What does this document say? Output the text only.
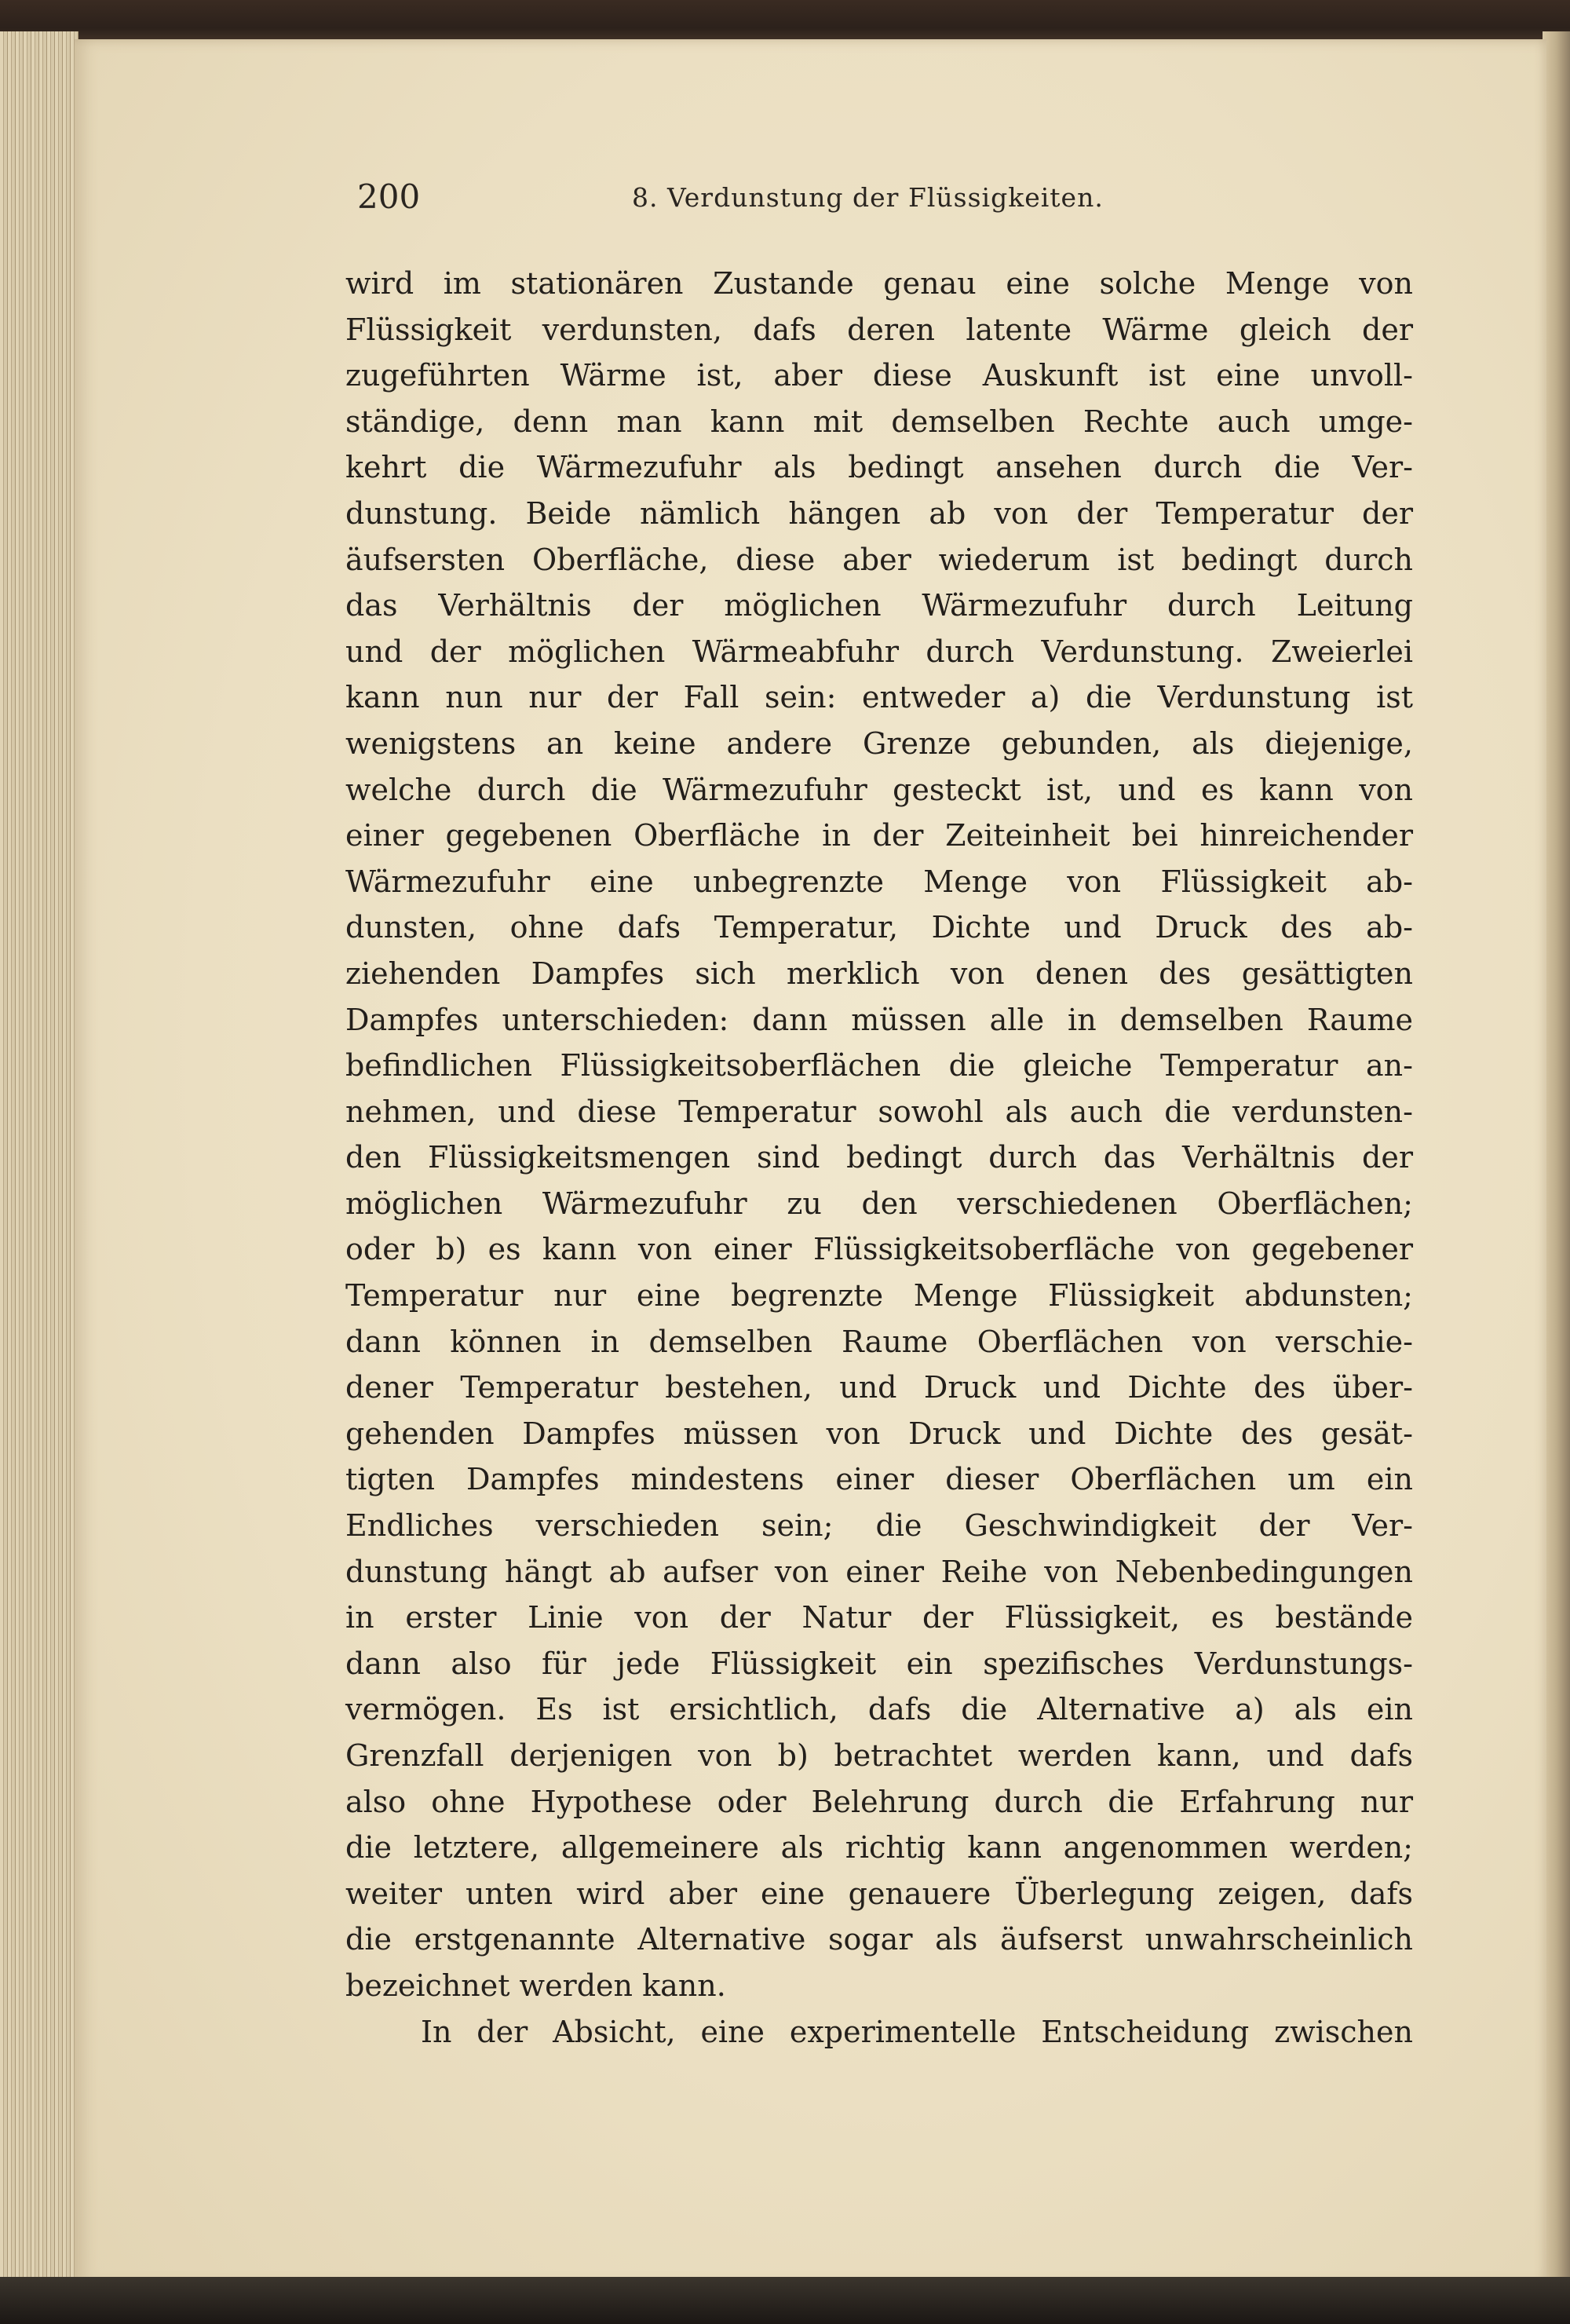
200	8. Verdunstung der Flüssigkeiten.
wird im stationären Zustande genau eine solche Menge von
Flüssigkeit verdunsten, dafs deren latente Wärme gleich der
zugeführten Wärme ist, aber diese Auskunft ist eine unvoll-
ständige, denn man kann mit demselben Rechte auch umge-
kehrt die Wärmezufuhr als bedingt ansehen durch die Ver-
dunstung. Beide nämlich hängen ab von der Temperatur der
äufsersten Oberfläche, diese aber wiederum ist bedingt durch
das Verhältnis der möglichen Wärmezufuhr durch Leitung
und der möglichen Wärmeabfuhr durch Verdunstung. Zweierlei
kann nun nur der Fall sein: entweder a) die Verdunstung ist
wenigstens an keine andere Grenze gebunden, als diejenige,
welche durch die Wärmezufuhr gesteckt ist, und es kann von
einer gegebenen Oberfläche in der Zeiteinheit bei hinreichender
Wärmezufuhr eine unbegrenzte Menge von Flüssigkeit ab-
dunsten, ohne dafs Temperatur, Dichte und Druck des ab-
ziehenden Dampfes sich merklich von denen des gesättigten
Dampfes unterschieden: dann müssen alle in demselben Raume
befindlichen Flüssigkeitsoberflächen die gleiche Temperatur an-
nehmen, und diese Temperatur sowohl als auch die verdunsten-
den Flüssigkeitsmengen sind bedingt durch das Verhältnis der
möglichen Wärmezufuhr zu den verschiedenen Oberflächen;
oder b) es kann von einer Flüssigkeitsoberfläche von gegebener
Temperatur nur eine begrenzte Menge Flüssigkeit abdunsten;
dann können in demselben Raume Oberflächen von verschie-
dener Temperatur bestehen, und Druck und Dichte des über-
gehenden Dampfes müssen von Druck und Dichte des gesät-
tigten Dampfes mindestens einer dieser Oberflächen um ein
Endliches verschieden sein; die Geschwindigkeit der Ver-
dunstung hängt ab aufser von einer Reihe von Nebenbedingungen
in erster Linie von der Natur der Flüssigkeit, es bestände
dann also für jede Flüssigkeit ein spezifisches Verdunstungs-
vermögen. Es ist ersichtlich, dafs die Alternative a) als ein
Grenzfall derjenigen von b) betrachtet werden kann, und dafs
also ohne Hypothese oder Belehrung durch die Erfahrung nur
die letztere, allgemeinere als richtig kann angenommen werden;
weiter unten wird aber eine genauere Überlegung zeigen, dafs
die erstgenannte Alternative sogar als äufserst unwahrscheinlich
bezeichnet werden kann.
In der Absicht, eine experimentelle Entscheidung zwischen
